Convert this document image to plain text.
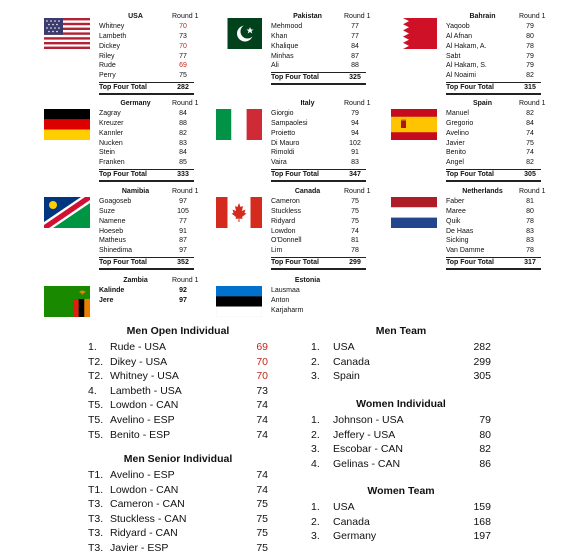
USA	Round 1
Whitney	70
Lambeth	73
Dickey	70
Riley	77
Rude	69
Perry	75
Top Four Total	282
Pakistan	Round 1
Mehmood	77
Khan	77
Khalique	84
Minhas	87
Ali	88
Top Four Total	325
Bahrain	Round 1
Yaqoob	79
Al Afnan	80
Al Hakam, A.	78
Sabt	79
Al Hakam, S.	79
Al Noaimi	82
Top Four Total	315
Germany	Round 1
Zagray	84
Kreuzer	88
Kannler	82
Nucken	83
Stein	84
Franken	85
Top Four Total	333
Italy	Round 1
Giorgio	79
Sampaolesi	94
Proietto	94
Di Mauro	102
Rimoldi	91
Vaira	83
Top Four Total	347
Spain	Round 1
Manuel	82
Gregorio	84
Avelino	74
Javier	75
Benito	74
Angel	82
Top Four Total	305
Namibia	Round 1
Goagoseb	97
Suze	105
Namene	77
Hoeseb	91
Matheus	87
Shinedima	97
Top Four Total	352
Canada	Round 1
Cameron	75
Stuckless	75
Ridyard	75
Lowdon	74
O'Donnell	81
Lim	78
Top Four Total	299
Netherlands	Round 1
Faber	81
Maree	80
Quik	78
De Haas	83
Sicking	83
Van Damme	78
Top Four Total	317
Zambia	Round 1
Kalinde	92
Jere	97
Estonia
Lausmaa
Anton
Karjaharm
Men Open Individual
1.	Rude - USA	69
T2. Dikey - USA	70
T2. Whitney - USA	70
4.	Lambeth - USA	73
T5. Lowdon - CAN	74
T5. Avelino - ESP	74
T5. Benito - ESP	74
Men Senior Individual
T1. Avelino - ESP	74
T1. Lowdon - CAN	74
T3. Cameron - CAN	75
T3. Stuckless - CAN	75
T3. Ridyard - CAN	75
T3. Javier - ESP	75
Men Team
1.	USA	282
2.	Canada	299
3.	Spain	305
Women Individual
1.	Johnson - USA	79
2.	Jeffery - USA	80
3.	Escobar - CAN	82
4.	Gelinas - CAN	86
Women Team
1.	USA	159
2.	Canada	168
3.	Germany	197
